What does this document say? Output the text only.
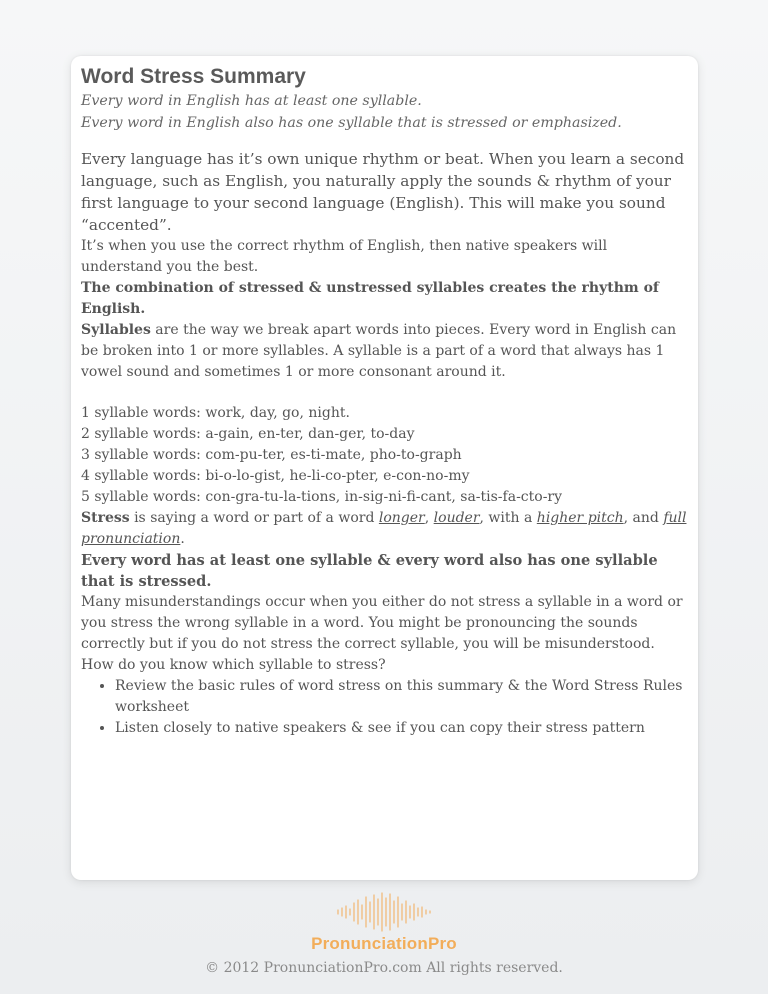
Word Stress Summary

Every word in English has at least one syllable.

Every word in English also has one syllable that is stressed or emphasized.

Every language has it’s own unique rhythm or beat. When you learn a second language, such as English, you naturally apply the sounds & rhythm of your first language to your second language (English). This will make you sound “accented”.

It’s when you use the correct rhythm of English, then native speakers will understand you the best.

The combination of stressed & unstressed syllables creates the rhythm of English.

Syllables are the way we break apart words into pieces. Every word in English can be broken into 1 or more syllables. A syllable is a part of a word that always has 1 vowel sound and sometimes 1 or more consonant around it.

1 syllable words: work, day, go, night.

2 syllable words: a-gain, en-ter, dan-ger, to-day

3 syllable words: com-pu-ter, es-ti-mate, pho-to-graph

4 syllable words: bi-o-lo-gist, he-li-co-pter, e-con-no-my

5 syllable words: con-gra-tu-la-tions, in-sig-ni-fi-cant, sa-tis-fa-cto-ry

Stress is saying a word or part of a word longer, louder, with a higher pitch, and full pronunciation.

Every word has at least one syllable & every word also has one syllable that is stressed.

Many misunderstandings occur when you either do not stress a syllable in a word or you stress the wrong syllable in a word. You might be pronouncing the sounds correctly but if you do not stress the correct syllable, you will be misunderstood.

How do you know which syllable to stress?

• Review the basic rules of word stress on this summary & the Word Stress Rules worksheet
• Listen closely to native speakers & see if you can copy their stress pattern
PronunciationPro
© 2012 PronunciationPro.com All rights reserved.
